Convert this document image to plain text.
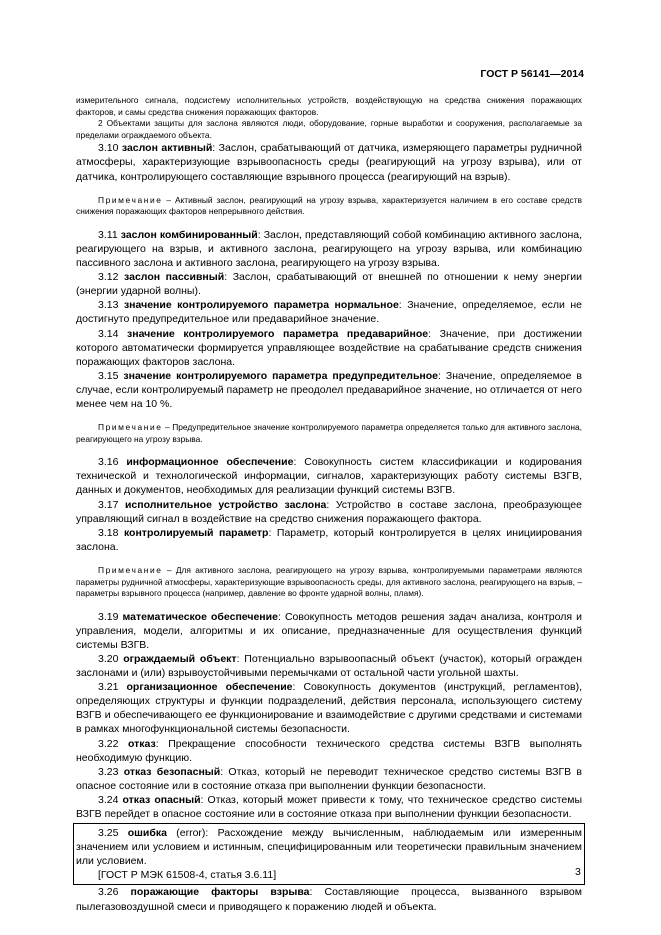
ГОСТ Р 56141—2014

измерительного сигнала, подсистему исполнительных устройств, воздействующую на средства снижения поражающих факторов, и самы средства снижения поражающих факторов.

2 Объектами защиты для заслона являются люди, оборудование, горные выработки и сооружения, располагаемые за пределами ограждаемого объекта.

3.10 заслон активный: Заслон, срабатывающий от датчика, измеряющего параметры рудничной атмосферы, характеризующие взрывоопасность среды (реагирующий на угрозу взрыва), или от датчика, контролирующего составляющие взрывного процесса (реагирующий на взрыв).

Примечание – Активный заслон, реагирующий на угрозу взрыва, характеризуется наличием в его составе средств снижения поражающих факторов непрерывного действия.

3.11 заслон комбинированный: Заслон, представляющий собой комбинацию активного заслона, реагирующего на взрыв, и активного заслона, реагирующего на угрозу взрыва, или комбинацию пассивного заслона и активного заслона, реагирующего на угрозу взрыва.

3.12 заслон пассивный: Заслон, срабатывающий от внешней по отношении к нему энергии (энергии ударной волны).

3.13 значение контролируемого параметра нормальное: Значение, определяемое, если не достигнуто предупредительное или предаварийное значение.

3.14 значение контролируемого параметра предаварийное: Значение, при достижении которого автоматически формируется управляющее воздействие на срабатывание средств снижения поражающих факторов заслона.

3.15 значение контролируемого параметра предупредительное: Значение, определяемое в случае, если контролируемый параметр не преодолел предаварийное значение, но отличается от него менее чем на 10 %.

Примечание – Предупредительное значение контролируемого параметра определяется только для активного заслона, реагирующего на угрозу взрыва.

3.16 информационное обеспечение: Совокупность систем классификации и кодирования технической и технологической информации, сигналов, характеризующих работу системы ВЗГВ, данных и документов, необходимых для реализации функций системы ВЗГВ.

3.17 исполнительное устройство заслона: Устройство в составе заслона, преобразующее управляющий сигнал в воздействие на средство снижения поражающего фактора.

3.18 контролируемый параметр: Параметр, который контролируется в целях инициирования заслона.

Примечание – Для активного заслона, реагирующего на угрозу взрыва, контролируемыми параметрами являются параметры рудничной атмосферы, характеризующие взрывоопасность среды, для активного заслона, реагирующего на взрыв, – параметры взрывного процесса (например, давление во фронте ударной волны, пламя).

3.19 математическое обеспечение: Совокупность методов решения задач анализа, контроля и управления, модели, алгоритмы и их описание, предназначенные для осуществления функций системы ВЗГВ.

3.20 ограждаемый объект: Потенциально взрывоопасный объект (участок), который огражден заслонами и (или) взрывоустойчивыми перемычками от остальной части угольной шахты.

3.21 организационное обеспечение: Совокупность документов (инструкций, регламентов), определяющих структуры и функции подразделений, действия персонала, использующего систему ВЗГВ и обеспечивающего ее функционирование и взаимодействие с другими средствами и системами в рамках многофункциональной системы безопасности.

3.22 отказ: Прекращение способности технического средства системы ВЗГВ выполнять необходимую функцию.

3.23 отказ безопасный: Отказ, который не переводит техническое средство системы ВЗГВ в опасное состояние или в состояние отказа при выполнении функции безопасности.

3.24 отказ опасный: Отказ, который может привести к тому, что техническое средство системы ВЗГВ перейдет в опасное состояние или в состояние отказа при выполнении функции безопасности.

3.25 ошибка (error): Расхождение между вычисленным, наблюдаемым или измеренным значением или условием и истинным, специфицированным или теоретически правильным значением или условием.

[ГОСТ Р МЭК 61508-4, статья 3.6.11]

3.26 поражающие факторы взрыва: Составляющие процесса, вызванного взрывом пылегазовоздушной смеси и приводящего к поражению людей и объекта.

3
